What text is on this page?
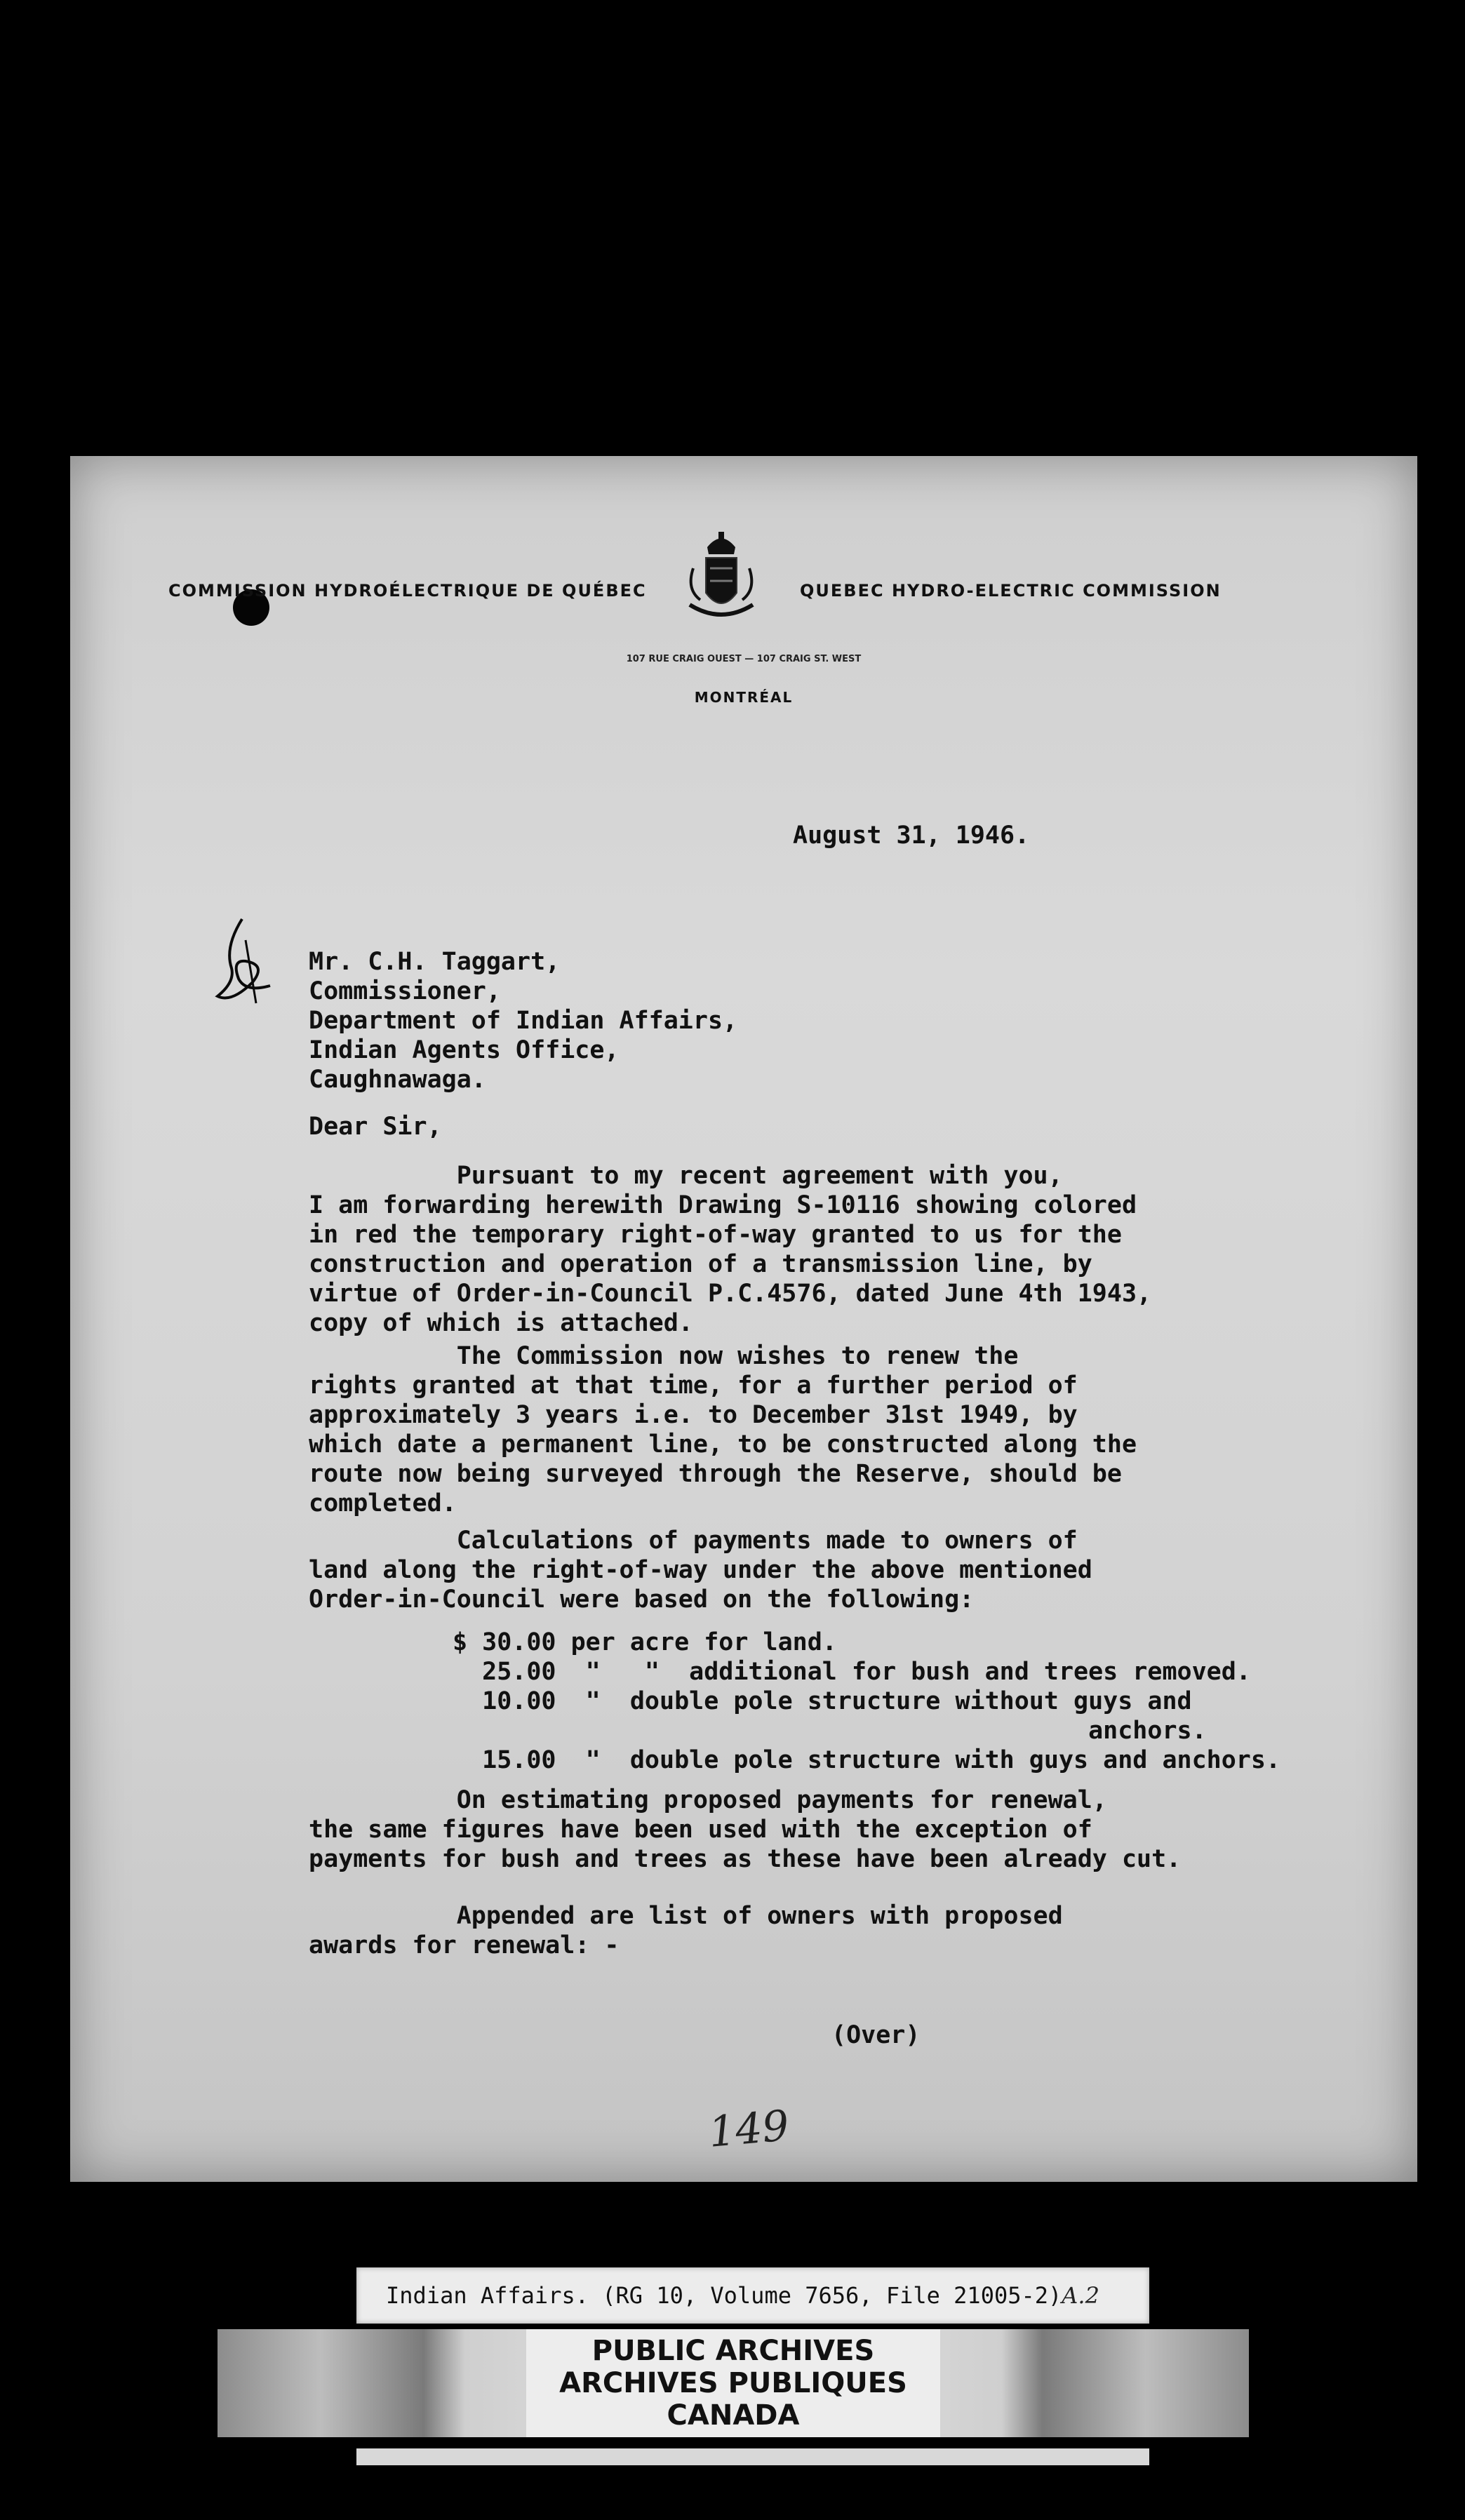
COMMISSION HYDROÉLECTRIQUE DE QUÉBEC	QUEBEC HYDRO-ELECTRIC COMMISSION
107 RUE CRAIG OUEST — 107 CRAIG ST. WEST
MONTRÉAL
August 31, 1946.
Mr. C.H. Taggart,
Commissioner,
Department of Indian Affairs,
Indian Agents Office,
Caughnawaga.
Dear Sir,
Pursuant to my recent agreement with you,
I am forwarding herewith Drawing S-10116 showing colored
in red the temporary right-of-way granted to us for the
construction and operation of a transmission line, by
virtue of Order-in-Council P.C.4576, dated June 4th 1943,
copy of which is attached.
The Commission now wishes to renew the
rights granted at that time, for a further period of
approximately 3 years i.e. to December 31st 1949, by
which date a permanent line, to be constructed along the
route now being surveyed through the Reserve, should be
completed.
Calculations of payments made to owners of
land along the right-of-way under the above mentioned
Order-in-Council were based on the following:
$ 30.00 per acre for land.
25.00  "   "  additional for bush and trees removed.
10.00  "  double pole structure without guys and
anchors.
15.00  "  double pole structure with guys and anchors.
On estimating proposed payments for renewal,
the same figures have been used with the exception of
payments for bush and trees as these have been already cut.
Appended are list of owners with proposed
awards for renewal: -
(Over)
149
Indian Affairs. (RG 10, Volume 7656, File 21005-2) A.2
PUBLIC ARCHIVES
ARCHIVES PUBLIQUES
CANADA
